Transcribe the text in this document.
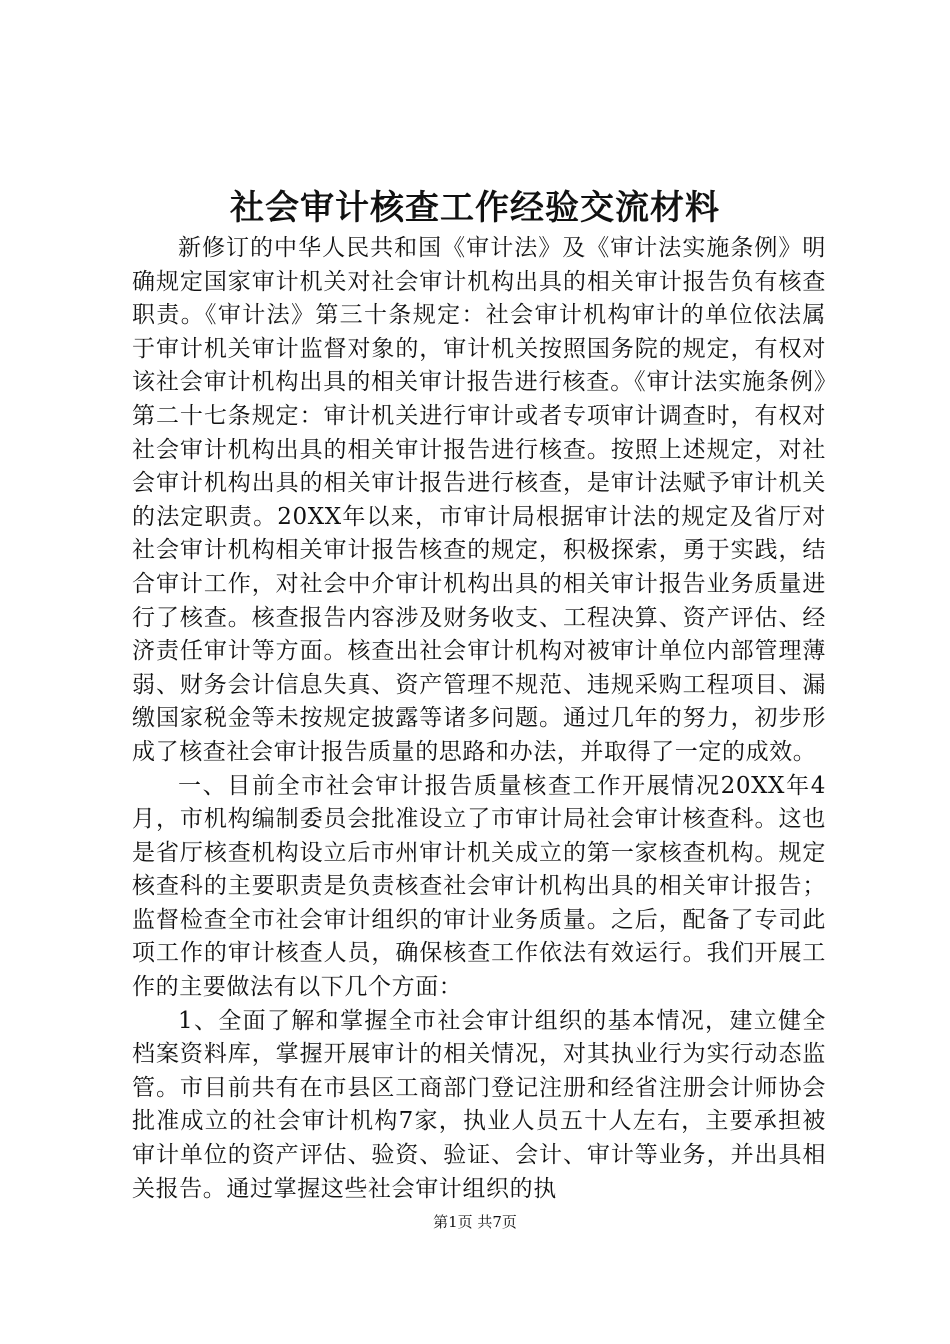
社会审计核查工作经验交流材料

新修订的中华人民共和国《审计法》及《审计法实施条例》明确规定国家审计机关对社会审计机构出具的相关审计报告负有核查职责。《审计法》第三十条规定：社会审计机构审计的单位依法属于审计机关审计监督对象的，审计机关按照国务院的规定，有权对该社会审计机构出具的相关审计报告进行核查。《审计法实施条例》第二十七条规定：审计机关进行审计或者专项审计调查时，有权对社会审计机构出具的相关审计报告进行核查。按照上述规定，对社会审计机构出具的相关审计报告进行核查，是审计法赋予审计机关的法定职责。20XX年以来，市审计局根据审计法的规定及省厅对社会审计机构相关审计报告核查的规定，积极探索，勇于实践，结合审计工作，对社会中介审计机构出具的相关审计报告业务质量进行了核查。核查报告内容涉及财务收支、工程决算、资产评估、经济责任审计等方面。核查出社会审计机构对被审计单位内部管理薄弱、财务会计信息失真、资产管理不规范、违规采购工程项目、漏缴国家税金等未按规定披露等诸多问题。通过几年的努力，初步形成了核查社会审计报告质量的思路和办法，并取得了一定的成效。

一、目前全市社会审计报告质量核查工作开展情况20XX年4月，市机构编制委员会批准设立了市审计局社会审计核查科。这也是省厅核查机构设立后市州审计机关成立的第一家核查机构。规定核查科的主要职责是负责核查社会审计机构出具的相关审计报告；监督检查全市社会审计组织的审计业务质量。之后，配备了专司此项工作的审计核查人员，确保核查工作依法有效运行。我们开展工作的主要做法有以下几个方面：

1、全面了解和掌握全市社会审计组织的基本情况，建立健全档案资料库，掌握开展审计的相关情况，对其执业行为实行动态监管。市目前共有在市县区工商部门登记注册和经省注册会计师协会批准成立的社会审计机构7家，执业人员五十人左右，主要承担被审计单位的资产评估、验资、验证、会计、审计等业务，并出具相关报告。通过掌握这些社会审计组织的执

第1页 共7页
